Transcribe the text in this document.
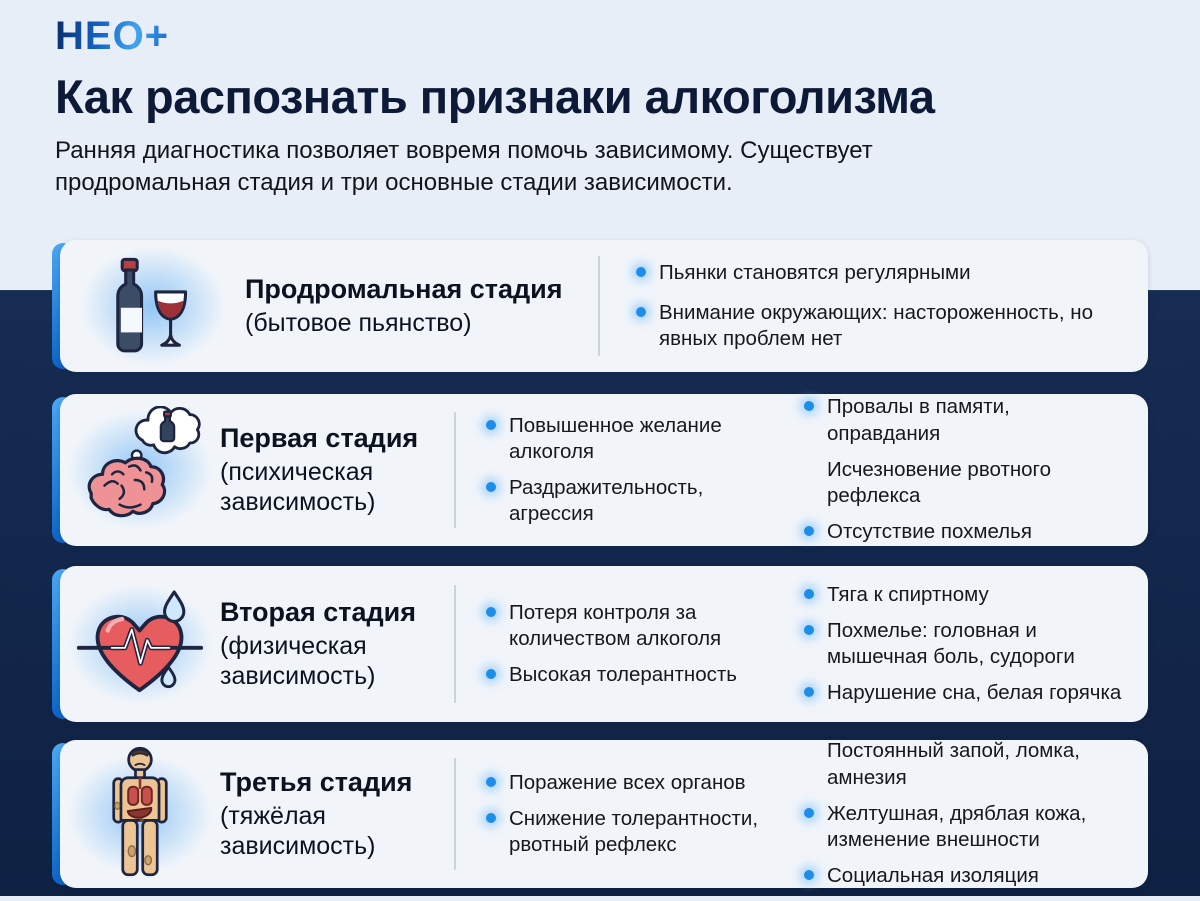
НЕО+
Как распознать признаки алкоголизма
Ранняя диагностика позволяет вовремя помочь зависимому. Существует
продромальная стадия и три основные стадии зависимости.
Продромальная стадия
(бытовое пьянство)
Пьянки становятся регулярными
Внимание окружающих: настороженность, но явных проблем нет
Первая стадия
(психическая зависимость)
Повышенное желание алкоголя
Раздражительность, агрессия
Провалы в памяти, оправдания
Исчезновение рвотного рефлекса
Отсутствие похмелья
Вторая стадия
(физическая зависимость)
Потеря контроля за количеством алкоголя
Высокая толерантность
Тяга к спиртному
Похмелье: головная и мышечная боль, судороги
Нарушение сна, белая горячка
Третья стадия
(тяжёлая зависимость)
Поражение всех органов
Снижение толерантности, рвотный рефлекс
Постоянный запой, ломка, амнезия
Желтушная, дряблая кожа, изменение внешности
Социальная изоляция
